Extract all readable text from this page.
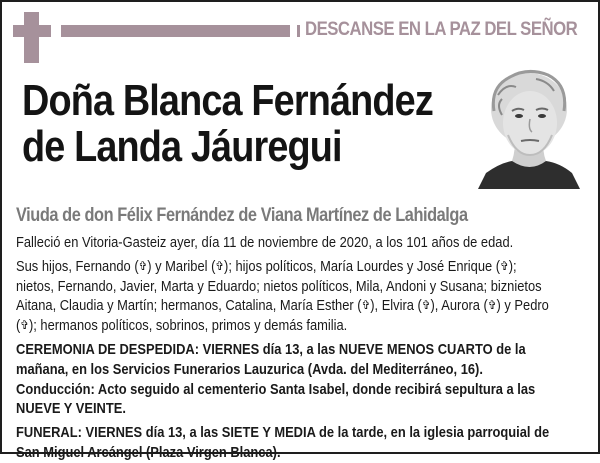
DESCANSE EN LA PAZ DEL SEÑOR
Doña Blanca Fernández
de Landa Jáuregui
Viuda de don Félix Fernández de Viana Martínez de Lahidalga

Falleció en Vitoria-Gasteiz ayer, día 11 de noviembre de 2020, a los 101 años de edad.

Sus hijos, Fernando (✞) y Maribel (✞); hijos políticos, María Lourdes y José Enrique (✞);
nietos, Fernando, Javier, Marta y Eduardo; nietos políticos, Mila, Andoni y Susana; biznietos
Aitana, Claudia y Martín; hermanos, Catalina, María Esther (✞), Elvira (✞), Aurora (✞) y Pedro
(✞); hermanos políticos, sobrinos, primos y demás familia.

CEREMONIA DE DESPEDIDA: VIERNES día 13, a las NUEVE MENOS CUARTO de la
mañana, en los Servicios Funerarios Lauzurica (Avda. del Mediterráneo, 16).
Conducción: Acto seguido al cementerio Santa Isabel, donde recibirá sepultura a las
NUEVE Y VEINTE.

FUNERAL: VIERNES día 13, a las SIETE Y MEDIA de la tarde, en la iglesia parroquial de
San Miguel Arcángel (Plaza Virgen Blanca).
